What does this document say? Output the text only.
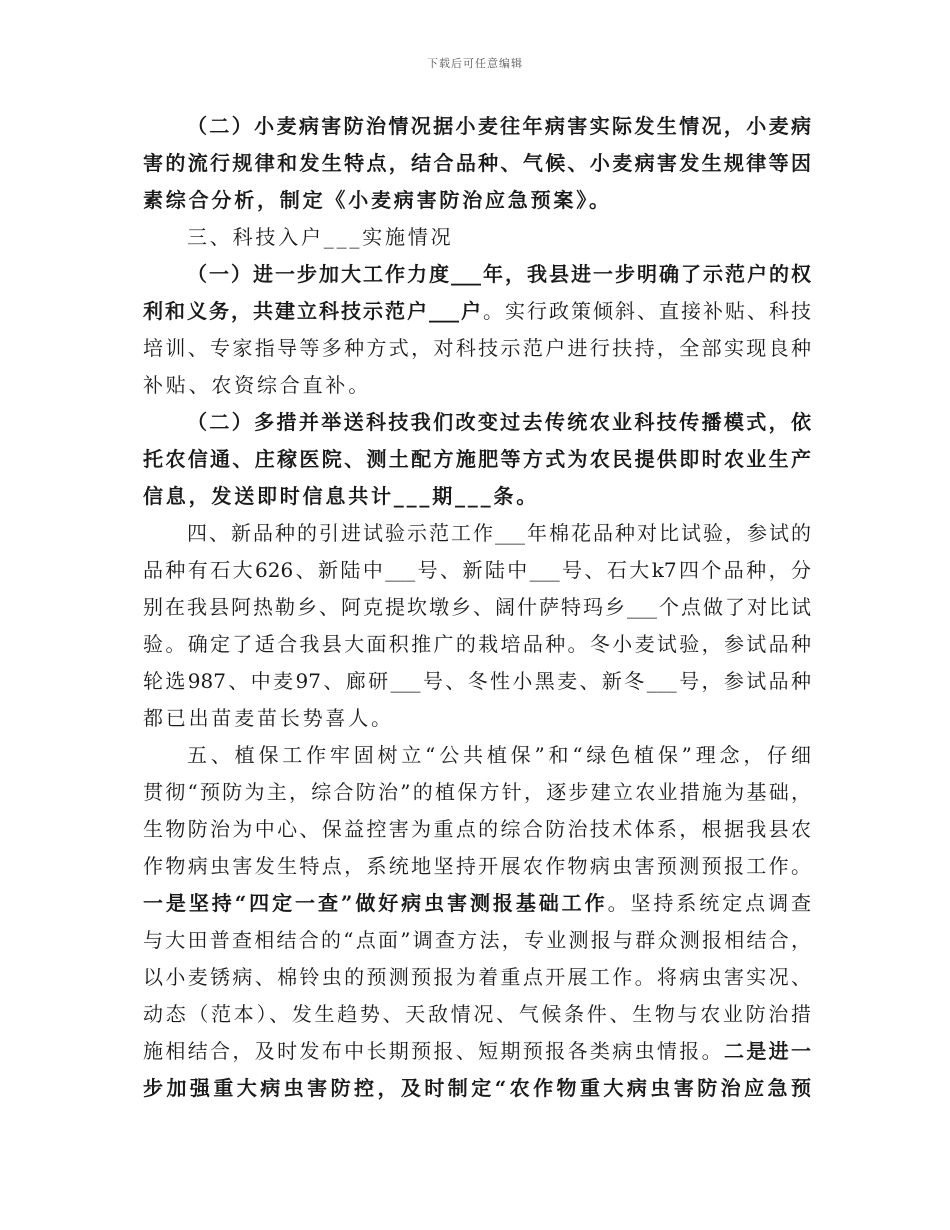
下载后可任意编辑
（二）小麦病害防治情况据小麦往年病害实际发生情况，小麦病
害的流行规律和发生特点，结合品种、气候、小麦病害发生规律等因
素综合分析，制定《小麦病害防治应急预案》。
三、科技入户___实施情况
（一）进一步加大工作力度___年，我县进一步明确了示范户的权
利和义务，共建立科技示范户___户。实行政策倾斜、直接补贴、科技
培训、专家指导等多种方式，对科技示范户进行扶持，全部实现良种
补贴、农资综合直补。
（二）多措并举送科技我们改变过去传统农业科技传播模式，依
托农信通、庄稼医院、测土配方施肥等方式为农民提供即时农业生产
信息，发送即时信息共计___期___条。
四、新品种的引进试验示范工作___年棉花品种对比试验，参试的
品种有石大626、新陆中___号、新陆中___号、石大k7四个品种，分
别在我县阿热勒乡、阿克提坎墩乡、阔什萨特玛乡___个点做了对比试
验。确定了适合我县大面积推广的栽培品种。冬小麦试验，参试品种
轮选987、中麦97、廊研___号、冬性小黑麦、新冬___号，参试品种
都已出苗麦苗长势喜人。
五、植保工作牢固树立“公共植保”和“绿色植保”理念，仔细
贯彻“预防为主，综合防治”的植保方针，逐步建立农业措施为基础，
生物防治为中心、保益控害为重点的综合防治技术体系，根据我县农
作物病虫害发生特点，系统地坚持开展农作物病虫害预测预报工作。
一是坚持“四定一查”做好病虫害测报基础工作。坚持系统定点调查
与大田普查相结合的“点面”调查方法，专业测报与群众测报相结合，
以小麦锈病、棉铃虫的预测预报为着重点开展工作。将病虫害实况、
动态（范本）、发生趋势、天敌情况、气候条件、生物与农业防治措
施相结合，及时发布中长期预报、短期预报各类病虫情报。二是进一
步加强重大病虫害防控，及时制定“农作物重大病虫害防治应急预
